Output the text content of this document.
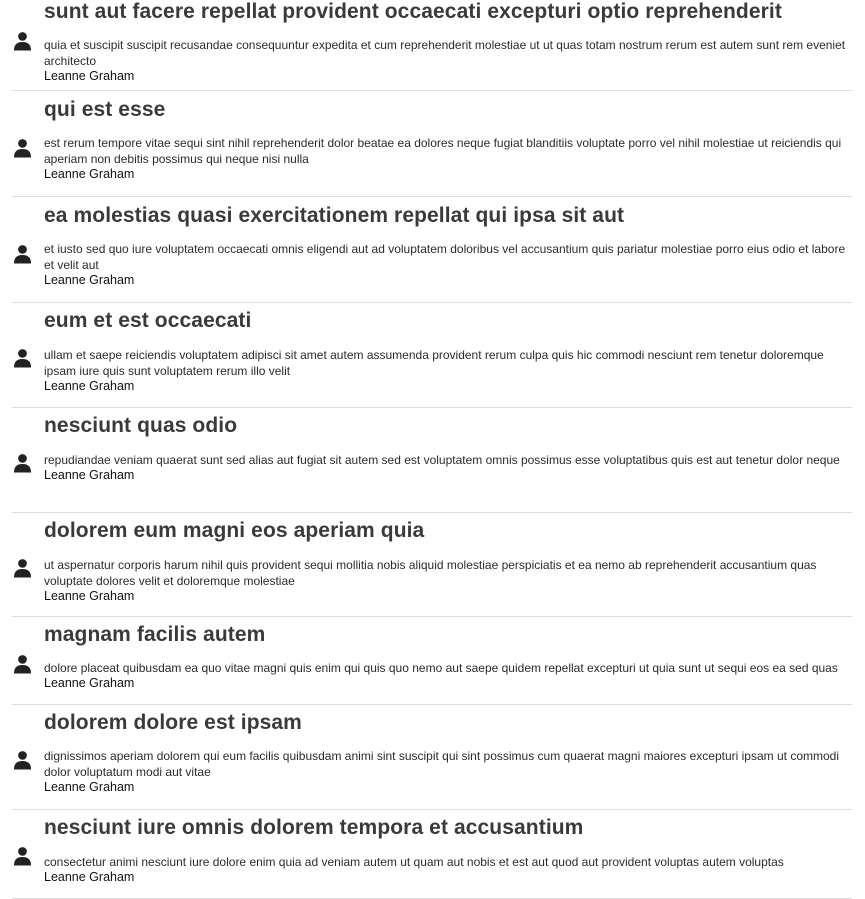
sunt aut facere repellat provident occaecati excepturi optio reprehenderit

quia et suscipit suscipit recusandae consequuntur expedita et cum reprehenderit molestiae ut ut quas totam nostrum rerum est autem sunt rem eveniet architecto

Leanne Graham
qui est esse

est rerum tempore vitae sequi sint nihil reprehenderit dolor beatae ea dolores neque fugiat blanditiis voluptate porro vel nihil molestiae ut reiciendis qui aperiam non debitis possimus qui neque nisi nulla

Leanne Graham
ea molestias quasi exercitationem repellat qui ipsa sit aut

et iusto sed quo iure voluptatem occaecati omnis eligendi aut ad voluptatem doloribus vel accusantium quis pariatur molestiae porro eius odio et labore et velit aut

Leanne Graham
eum et est occaecati

ullam et saepe reiciendis voluptatem adipisci sit amet autem assumenda provident rerum culpa quis hic commodi nesciunt rem tenetur doloremque ipsam iure quis sunt voluptatem rerum illo velit

Leanne Graham
nesciunt quas odio

repudiandae veniam quaerat sunt sed alias aut fugiat sit autem sed est voluptatem omnis possimus esse voluptatibus quis est aut tenetur dolor neque

Leanne Graham
dolorem eum magni eos aperiam quia

ut aspernatur corporis harum nihil quis provident sequi mollitia nobis aliquid molestiae perspiciatis et ea nemo ab reprehenderit accusantium quas voluptate dolores velit et doloremque molestiae

Leanne Graham
magnam facilis autem

dolore placeat quibusdam ea quo vitae magni quis enim qui quis quo nemo aut saepe quidem repellat excepturi ut quia sunt ut sequi eos ea sed quas

Leanne Graham
dolorem dolore est ipsam

dignissimos aperiam dolorem qui eum facilis quibusdam animi sint suscipit qui sint possimus cum quaerat magni maiores excepturi ipsam ut commodi dolor voluptatum modi aut vitae

Leanne Graham
nesciunt iure omnis dolorem tempora et accusantium

consectetur animi nesciunt iure dolore enim quia ad veniam autem ut quam aut nobis et est aut quod aut provident voluptas autem voluptas

Leanne Graham
